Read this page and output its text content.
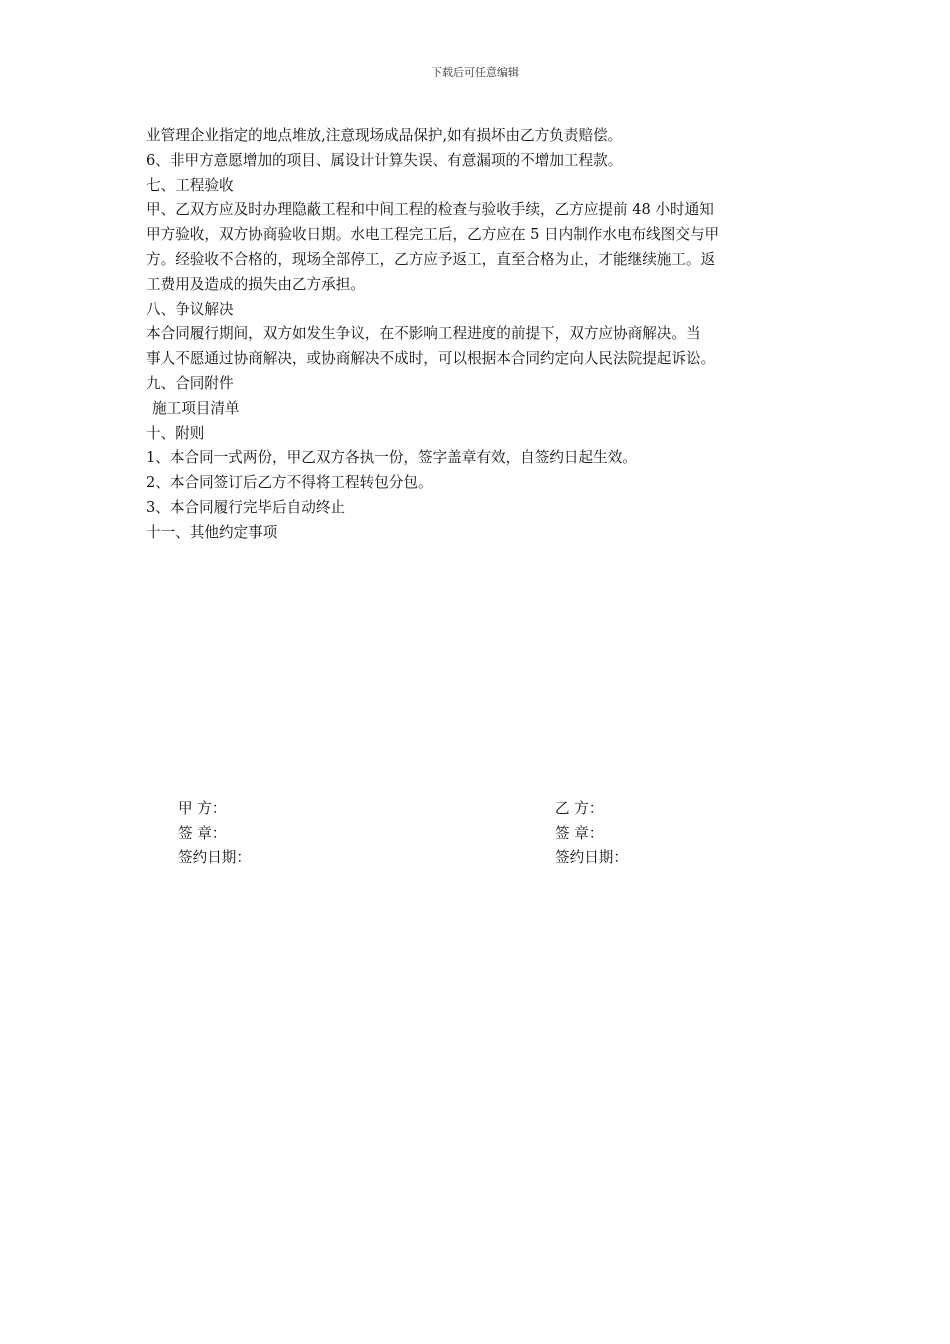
下载后可任意编辑
业管理企业指定的地点堆放,注意现场成品保护,如有损坏由乙方负责赔偿。
6、非甲方意愿增加的项目、属设计计算失误、有意漏项的不增加工程款。
七、工程验收
甲、乙双方应及时办理隐蔽工程和中间工程的检查与验收手续，乙方应提前 48 小时通知
甲方验收，双方协商验收日期。水电工程完工后，乙方应在 5 日内制作水电布线图交与甲
方。经验收不合格的，现场全部停工，乙方应予返工，直至合格为止，才能继续施工。返
工费用及造成的损失由乙方承担。
八、争议解决
本合同履行期间，双方如发生争议，在不影响工程进度的前提下，双方应协商解决。当
事人不愿通过协商解决，或协商解决不成时，可以根据本合同约定向人民法院提起诉讼。
九、合同附件
施工项目清单
十、附则
1、本合同一式两份，甲乙双方各执一份，签字盖章有效，自签约日起生效。
2、本合同签订后乙方不得将工程转包分包。
3、本合同履行完毕后自动终止
十一、其他约定事项
甲 方：
签 章：
签约日期：
乙 方：
签 章：
签约日期：
